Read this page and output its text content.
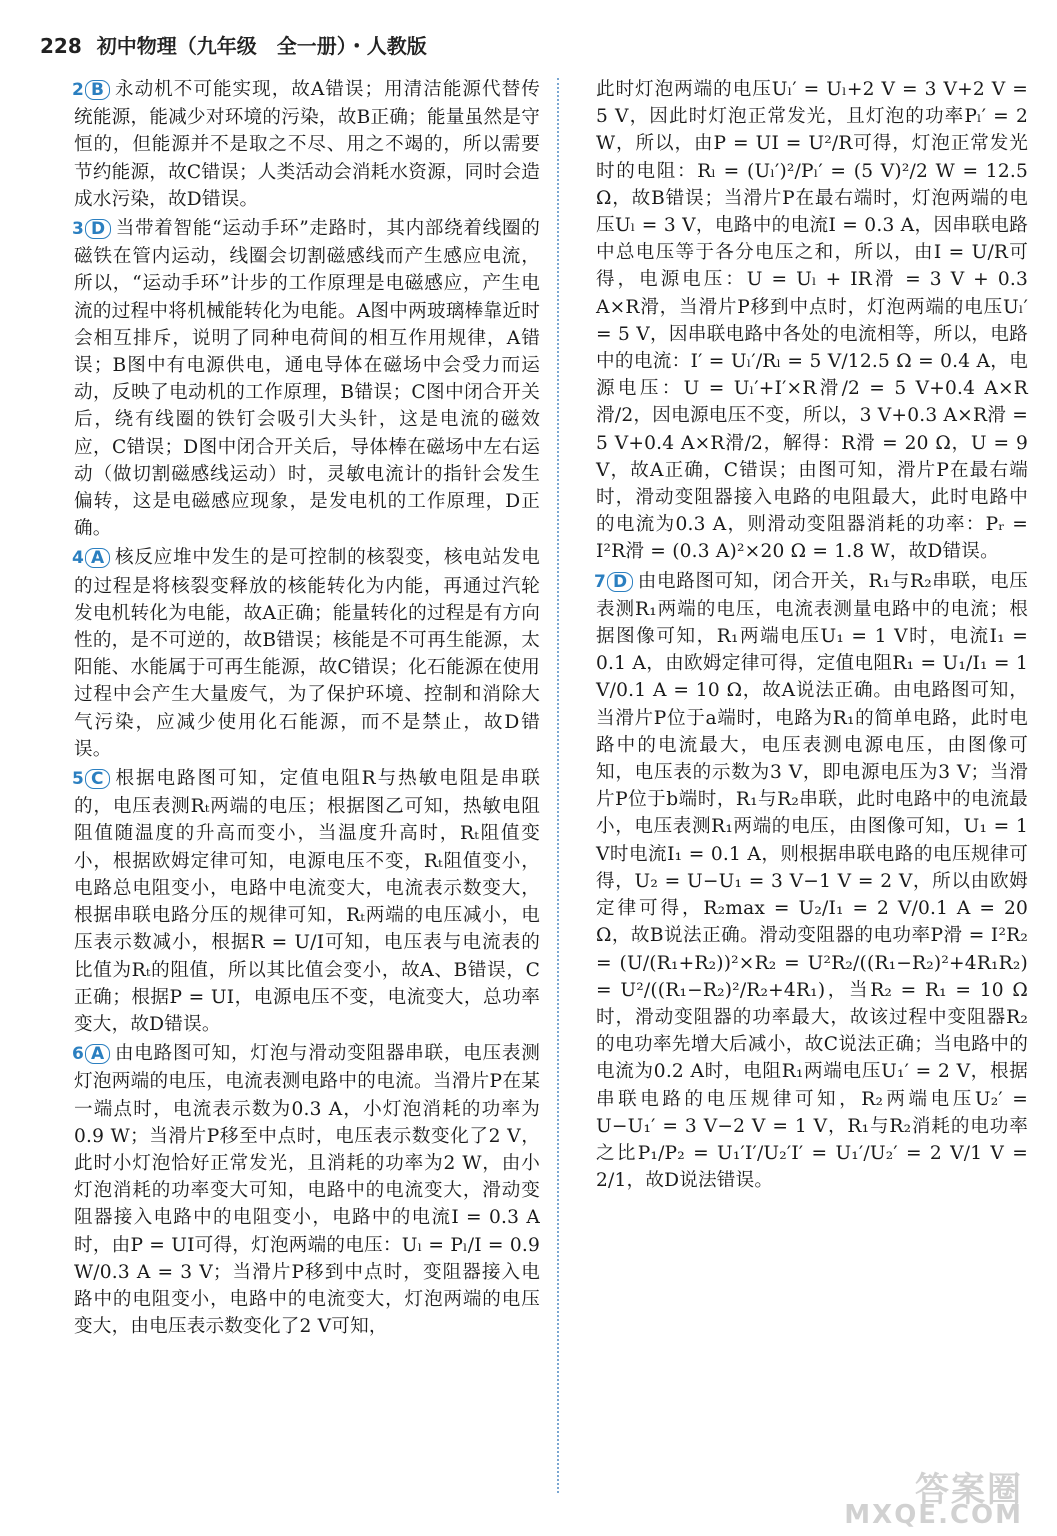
228 初中物理（九年级　全一册）・人教版
2 B 永动机不可能实现，故A错误；用清洁能源代替传统能源，能减少对环境的污染，故B正确；能量虽然是守恒的，但能源并不是取之不尽、用之不竭的，所以需要节约能源，故C错误；人类活动会消耗水资源，同时会造成水污染，故D错误。
3 D 当带着智能“运动手环”走路时，其内部绕着线圈的磁铁在管内运动，线圈会切割磁感线而产生感应电流，所以，“运动手环”计步的工作原理是电磁感应，产生电流的过程中将机械能转化为电能。A图中两玻璃棒靠近时会相互排斥，说明了同种电荷间的相互作用规律，A错误；B图中有电源供电，通电导体在磁场中会受力而运动，反映了电动机的工作原理，B错误；C图中闭合开关后，绕有线圈的铁钉会吸引大头针，这是电流的磁效应，C错误；D图中闭合开关后，导体棒在磁场中左右运动（做切割磁感线运动）时，灵敏电流计的指针会发生偏转，这是电磁感应现象，是发电机的工作原理，D正确。
4 A 核反应堆中发生的是可控制的核裂变，核电站发电的过程是将核裂变释放的核能转化为内能，再通过汽轮发电机转化为电能，故A正确；能量转化的过程是有方向性的，是不可逆的，故B错误；核能是不可再生能源，太阳能、水能属于可再生能源，故C错误；化石能源在使用过程中会产生大量废气，为了保护环境、控制和消除大气污染，应减少使用化石能源，而不是禁止，故D错误。
5 C 根据电路图可知，定值电阻R与热敏电阻是串联的，电压表测Rₜ两端的电压；根据图乙可知，热敏电阻阻值随温度的升高而变小，当温度升高时，Rₜ阻值变小，根据欧姆定律可知，电源电压不变，Rₜ阻值变小，电路总电阻变小，电路中电流变大，电流表示数变大，根据串联电路分压的规律可知，Rₜ两端的电压减小，电压表示数减小，根据R = U/I可知，电压表与电流表的比值为Rₜ的阻值，所以其比值会变小，故A、B错误，C正确；根据P = UI，电源电压不变，电流变大，总功率变大，故D错误。
6 A 由电路图可知，灯泡与滑动变阻器串联，电压表测灯泡两端的电压，电流表测电路中的电流。当滑片P在某一端点时，电流表示数为0.3 A，小灯泡消耗的功率为0.9 W；当滑片P移至中点时，电压表示数变化了2 V，此时小灯泡恰好正常发光，且消耗的功率为2 W，由小灯泡消耗的功率变大可知，电路中的电流变大，滑动变阻器接入电路中的电阻变小，电路中的电流I = 0.3 A时，由P = UI可得，灯泡两端的电压：Uₗ = Pₗ/I = 0.9 W/0.3 A = 3 V；当滑片P移到中点时，变阻器接入电路中的电阻变小，电路中的电流变大，灯泡两端的电压变大，由电压表示数变化了2 V可知，
此时灯泡两端的电压Uₗ′ = Uₗ+2 V = 3 V+2 V = 5 V，因此时灯泡正常发光，且灯泡的功率Pₗ′ = 2 W，所以，由P = UI = U²/R可得，灯泡正常发光时的电阻：Rₗ = (Uₗ′)²/Pₗ′ = (5 V)²/2 W = 12.5 Ω，故B错误；当滑片P在最右端时，灯泡两端的电压Uₗ = 3 V，电路中的电流I = 0.3 A，因串联电路中总电压等于各分电压之和，所以，由I = U/R可得，电源电压：U = Uₗ + IR滑 = 3 V + 0.3 A×R滑，当滑片P移到中点时，灯泡两端的电压Uₗ′ = 5 V，因串联电路中各处的电流相等，所以，电路中的电流：I′ = Uₗ′/Rₗ = 5 V/12.5 Ω = 0.4 A，电源电压：U = Uₗ′+I′×R滑/2 = 5 V+0.4 A×R滑/2，因电源电压不变，所以，3 V+0.3 A×R滑 = 5 V+0.4 A×R滑/2，解得：R滑 = 20 Ω，U = 9 V，故A正确，C错误；由图可知，滑片P在最右端时，滑动变阻器接入电路的电阻最大，此时电路中的电流为0.3 A，则滑动变阻器消耗的功率：Pᵣ = I²R滑 = (0.3 A)²×20 Ω = 1.8 W，故D错误。
7 D 由电路图可知，闭合开关，R₁与R₂串联，电压表测R₁两端的电压，电流表测量电路中的电流；根据图像可知，R₁两端电压U₁ = 1 V时，电流I₁ = 0.1 A，由欧姆定律可得，定值电阻R₁ = U₁/I₁ = 1 V/0.1 A = 10 Ω，故A说法正确。由电路图可知，当滑片P位于a端时，电路为R₁的简单电路，此时电路中的电流最大，电压表测电源电压，由图像可知，电压表的示数为3 V，即电源电压为3 V；当滑片P位于b端时，R₁与R₂串联，此时电路中的电流最小，电压表测R₁两端的电压，由图像可知，U₁ = 1 V时电流I₁ = 0.1 A，则根据串联电路的电压规律可得，U₂ = U−U₁ = 3 V−1 V = 2 V，所以由欧姆定律可得，R₂max = U₂/I₁ = 2 V/0.1 A = 20 Ω，故B说法正确。滑动变阻器的电功率P滑 = I²R₂ = (U/(R₁+R₂))²×R₂ = U²R₂/((R₁−R₂)²+4R₁R₂) = U²/((R₁−R₂)²/R₂+4R₁)，当R₂ = R₁ = 10 Ω时，滑动变阻器的功率最大，故该过程中变阻器R₂的电功率先增大后减小，故C说法正确；当电路中的电流为0.2 A时，电阻R₁两端电压U₁′ = 2 V，根据串联电路的电压规律可知，R₂两端电压U₂′ = U−U₁′ = 3 V−2 V = 1 V，R₁与R₂消耗的电功率之比P₁/P₂ = U₁′I′/U₂′I′ = U₁′/U₂′ = 2 V/1 V = 2/1，故D说法错误。
答案圈
MXQE.COM
